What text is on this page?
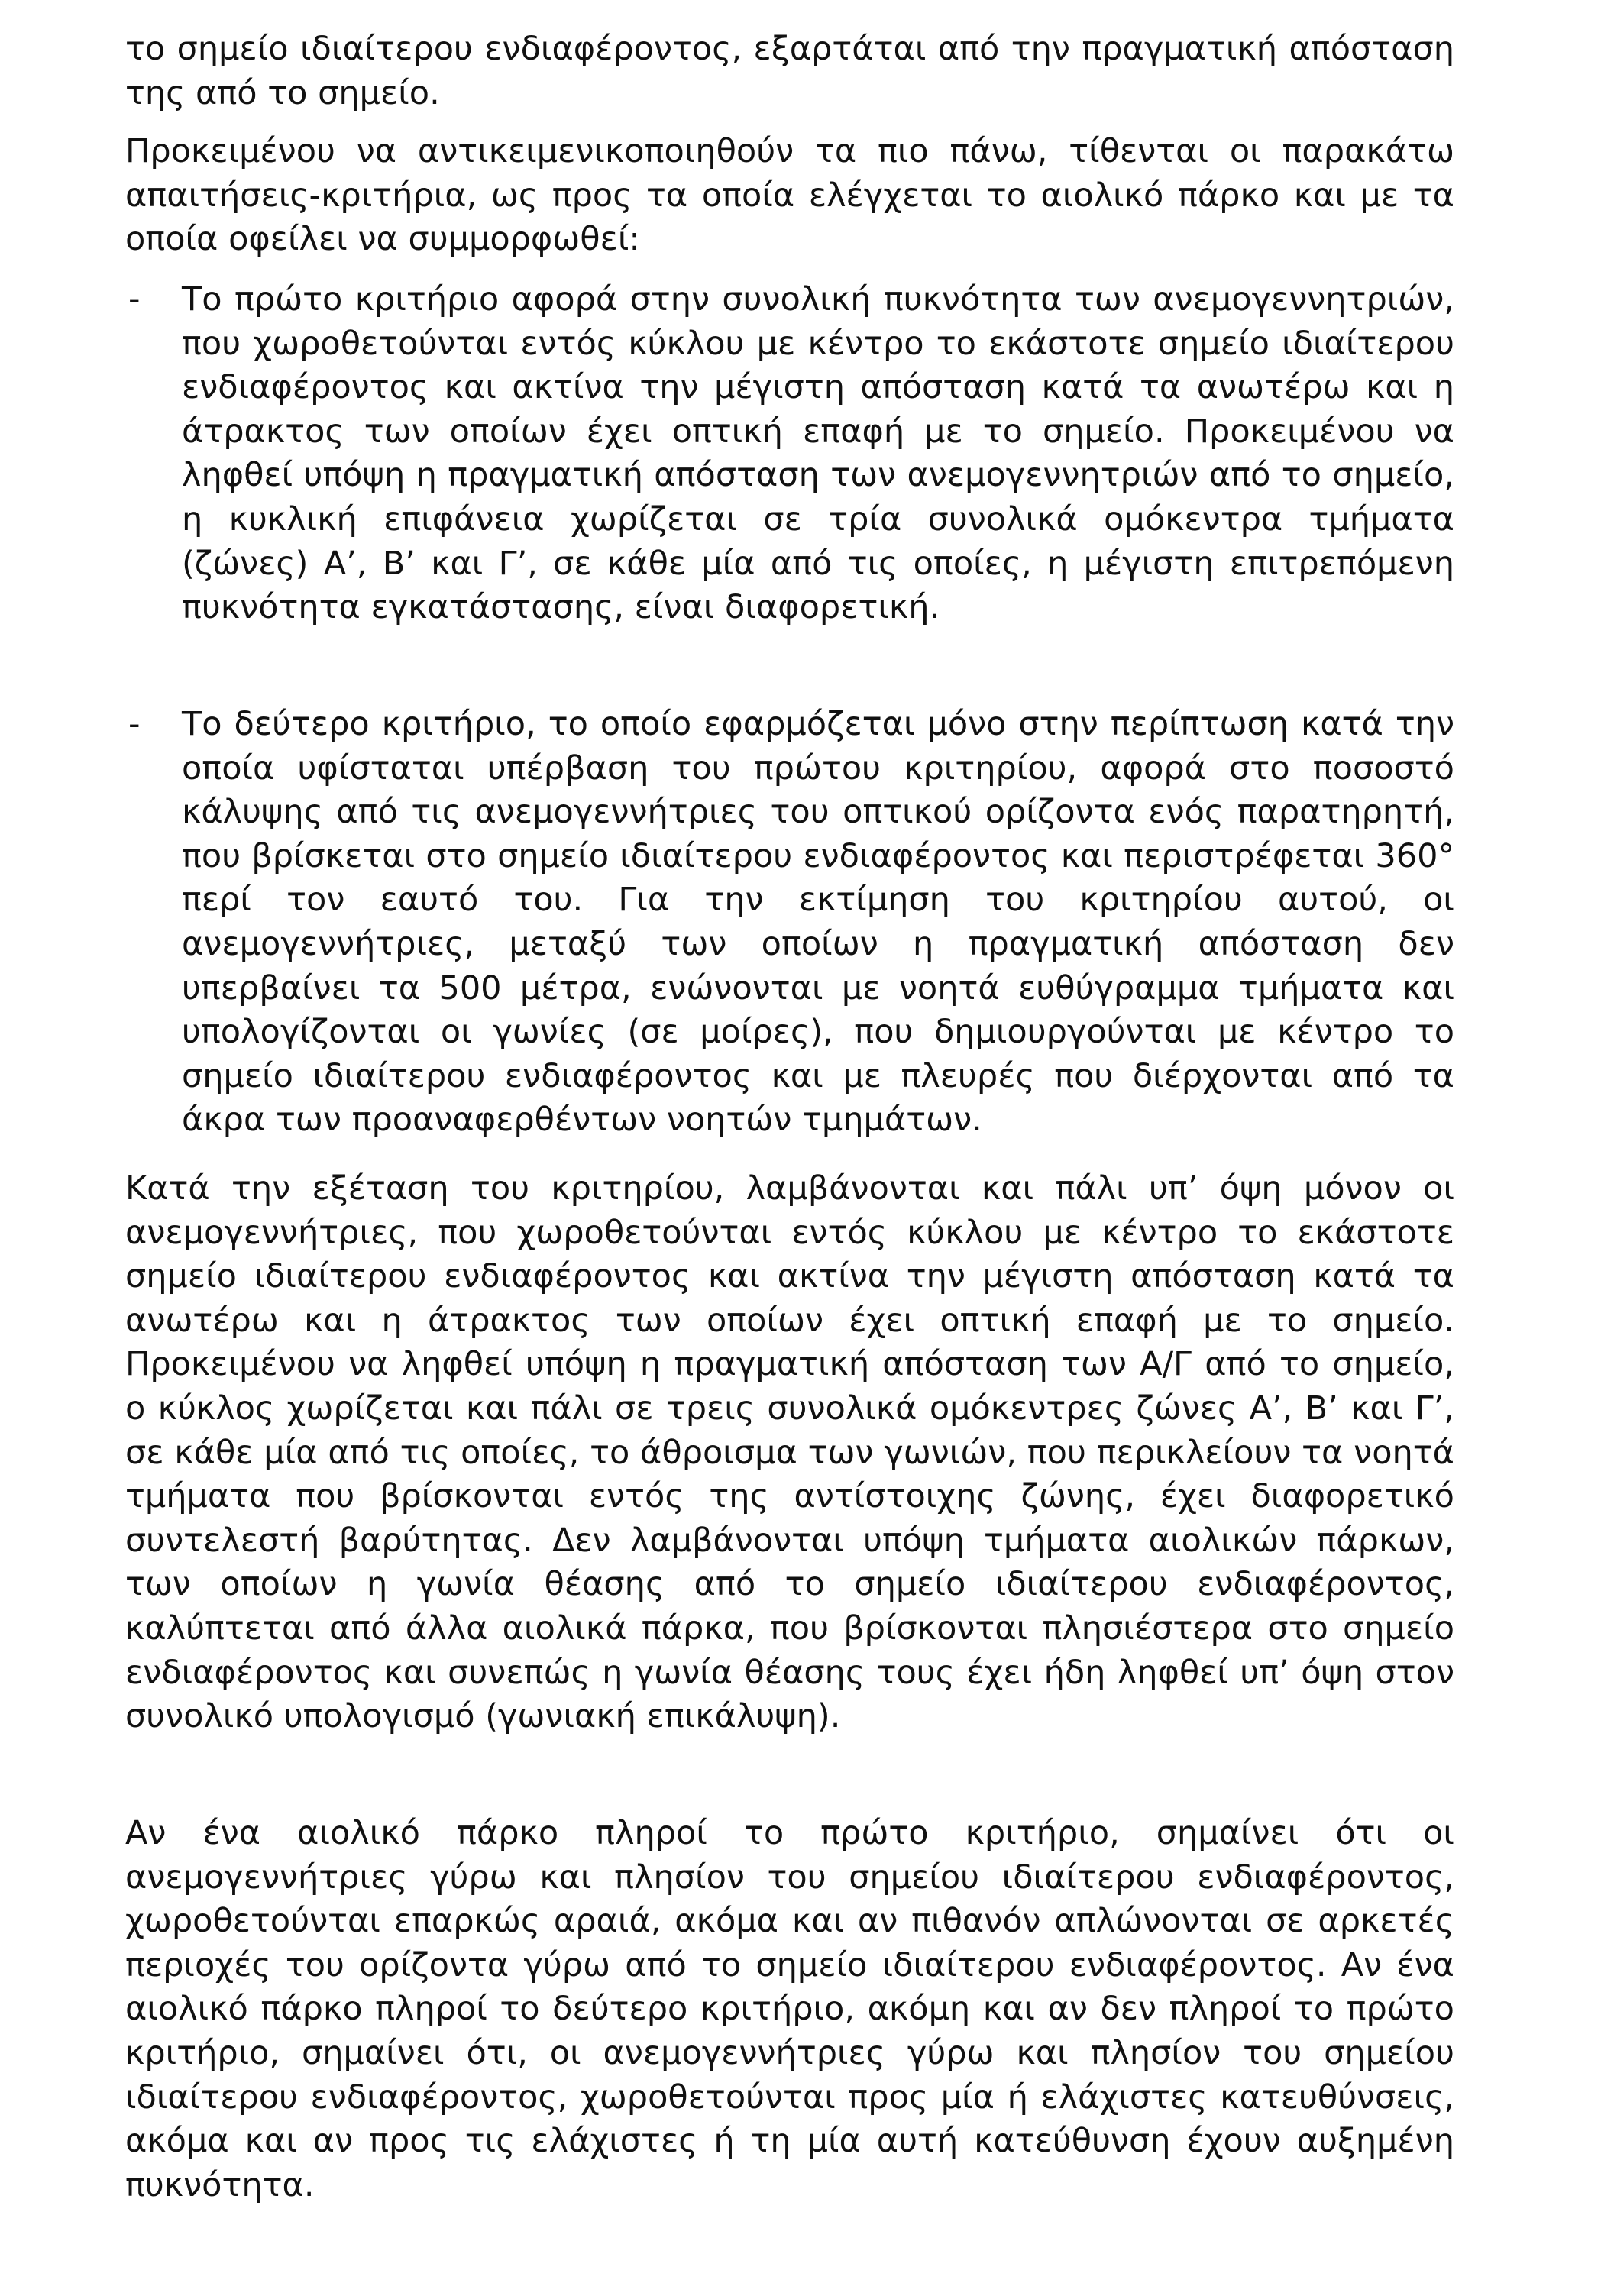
το σημείο ιδιαίτερου ενδιαφέροντος, εξαρτάται από την πραγματική απόσταση της από το σημείο.

Προκειμένου να αντικειμενικοποιηθούν τα πιο πάνω, τίθενται οι παρακάτω απαιτήσεις-κριτήρια, ως προς τα οποία ελέγχεται το αιολικό πάρκο και με τα οποία οφείλει να συμμορφωθεί:

- Το πρώτο κριτήριο αφορά στην συνολική πυκνότητα των ανεμογεννητριών, που χωροθετούνται εντός κύκλου με κέντρο το εκάστοτε σημείο ιδιαίτερου ενδιαφέροντος και ακτίνα την μέγιστη απόσταση κατά τα ανωτέρω και η άτρακτος των οποίων έχει οπτική επαφή με το σημείο. Προκειμένου να ληφθεί υπόψη η πραγματική απόσταση των ανεμογεννητριών από το σημείο, η κυκλική επιφάνεια χωρίζεται σε τρία συνολικά ομόκεντρα τμήματα (ζώνες) Α’, Β’ και Γ’, σε κάθε μία από τις οποίες, η μέγιστη επιτρεπόμενη πυκνότητα εγκατάστασης, είναι διαφορετική.

- Το δεύτερο κριτήριο, το οποίο εφαρμόζεται μόνο στην περίπτωση κατά την οποία υφίσταται υπέρβαση του πρώτου κριτηρίου, αφορά στο ποσοστό κάλυψης από τις ανεμογεννήτριες του οπτικού ορίζοντα ενός παρατηρητή, που βρίσκεται στο σημείο ιδιαίτερου ενδιαφέροντος και περιστρέφεται 360° περί τον εαυτό του. Για την εκτίμηση του κριτηρίου αυτού, οι ανεμογεννήτριες, μεταξύ των οποίων η πραγματική απόσταση δεν υπερβαίνει τα 500 μέτρα, ενώνονται με νοητά ευθύγραμμα τμήματα και υπολογίζονται οι γωνίες (σε μοίρες), που δημιουργούνται με κέντρο το σημείο ιδιαίτερου ενδιαφέροντος και με πλευρές που διέρχονται από τα άκρα των προαναφερθέντων νοητών τμημάτων.

Κατά την εξέταση του κριτηρίου, λαμβάνονται και πάλι υπ’ όψη μόνον οι ανεμογεννήτριες, που χωροθετούνται εντός κύκλου με κέντρο το εκάστοτε σημείο ιδιαίτερου ενδιαφέροντος και ακτίνα την μέγιστη απόσταση κατά τα ανωτέρω και η άτρακτος των οποίων έχει οπτική επαφή με το σημείο. Προκειμένου να ληφθεί υπόψη η πραγματική απόσταση των Α/Γ από το σημείο, ο κύκλος χωρίζεται και πάλι σε τρεις συνολικά ομόκεντρες ζώνες Α’, Β’ και Γ’, σε κάθε μία από τις οποίες, το άθροισμα των γωνιών, που περικλείουν τα νοητά τμήματα που βρίσκονται εντός της αντίστοιχης ζώνης, έχει διαφορετικό συντελεστή βαρύτητας. Δεν λαμβάνονται υπόψη τμήματα αιολικών πάρκων, των οποίων η γωνία θέασης από το σημείο ιδιαίτερου ενδιαφέροντος, καλύπτεται από άλλα αιολικά πάρκα, που βρίσκονται πλησιέστερα στο σημείο ενδιαφέροντος και συνεπώς η γωνία θέασης τους έχει ήδη ληφθεί υπ’ όψη στον συνολικό υπολογισμό (γωνιακή επικάλυψη).

Αν ένα αιολικό πάρκο πληροί το πρώτο κριτήριο, σημαίνει ότι οι ανεμογεννήτριες γύρω και πλησίον του σημείου ιδιαίτερου ενδιαφέροντος, χωροθετούνται επαρκώς αραιά, ακόμα και αν πιθανόν απλώνονται σε αρκετές περιοχές του ορίζοντα γύρω από το σημείο ιδιαίτερου ενδιαφέροντος. Αν ένα αιολικό πάρκο πληροί το δεύτερο κριτήριο, ακόμη και αν δεν πληροί το πρώτο κριτήριο, σημαίνει ότι, οι ανεμογεννήτριες γύρω και πλησίον του σημείου ιδιαίτερου ενδιαφέροντος, χωροθετούνται προς μία ή ελάχιστες κατευθύνσεις, ακόμα και αν προς τις ελάχιστες ή τη μία αυτή κατεύθυνση έχουν αυξημένη πυκνότητα.
